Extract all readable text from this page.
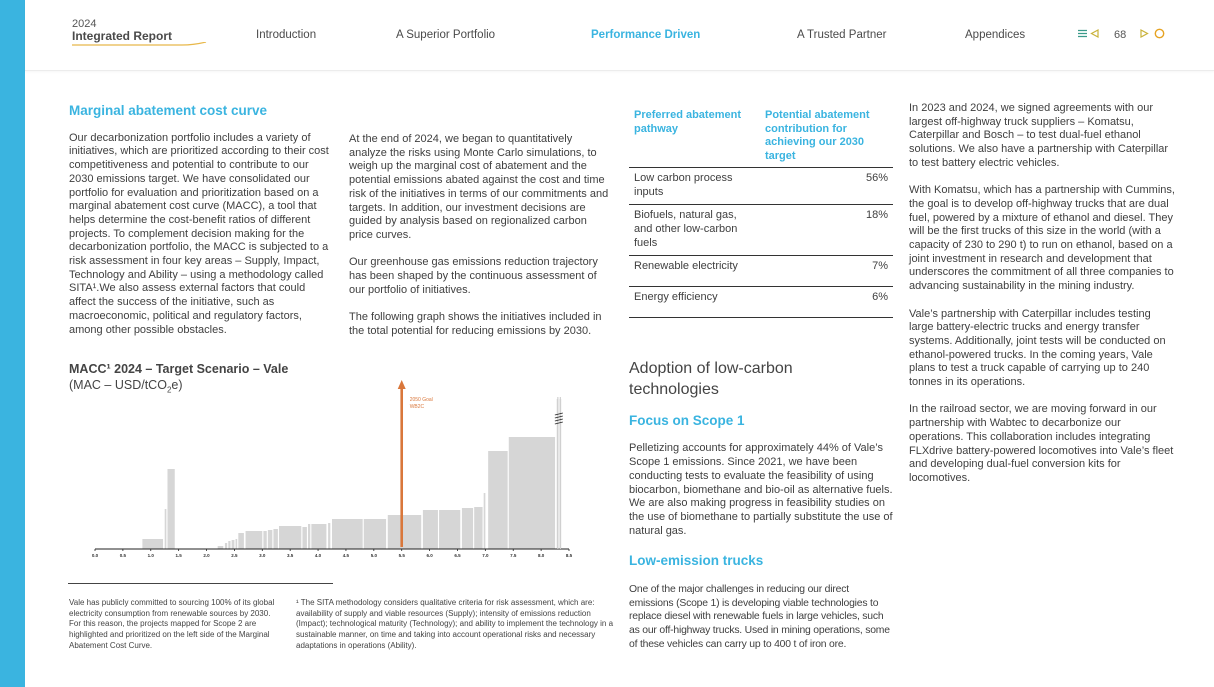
2024
Integrated Report	Introduction	A Superior Portfolio	Performance Driven	A Trusted Partner	Appendices	68
Marginal abatement cost curve

Our decarbonization portfolio includes a variety of initiatives, which are prioritized according to their cost competitiveness and potential to contribute to our 2030 emissions target. We have consolidated our portfolio for evaluation and prioritization based on a marginal abatement cost curve (MACC), a tool that helps determine the cost-benefit ratios of different projects. To complement decision making for the decarbonization portfolio, the MACC is subjected to a risk assessment in four key areas – Supply, Impact, Technology and Ability – using a methodology called SITA¹.We also assess external factors that could affect the success of the initiative, such as macroeconomic, political and regulatory factors, among other possible obstacles.

At the end of 2024, we began to quantitatively analyze the risks using Monte Carlo simulations, to weigh up the marginal cost of abatement and the potential emissions abated against the cost and time risk of the initiatives in terms of our commitments and targets. In addition, our investment decisions are guided by analysis based on regionalized carbon price curves.

Our greenhouse gas emissions reduction trajectory has been shaped by the continuous assessment of our portfolio of initiatives.

The following graph shows the initiatives included in the total potential for reducing emissions by 2030.

MACC¹ 2024 – Target Scenario – Vale
(MAC – USD/tCO$_2$e)
0.0	0.5	1.0	1.5	2.0	2.5	3.0	3.5	4.0	4.5	5.0	5.5	6.0	6.5	7.0	7.5	8.0	8.5
2050 Goal
WB2C
Vale has publicly committed to sourcing 100% of its global electricity consumption from renewable sources by 2030. For this reason, the projects mapped for Scope 2 are highlighted and prioritized on the left side of the Marginal Abatement Cost Curve.
¹ The SITA methodology considers qualitative criteria for risk assessment, which are: availability of supply and viable resources (Supply); intensity of emissions reduction (Impact); technological maturity (Technology); and ability to implement the technology in a sustainable manner, on time and taking into account operational risks and necessary adaptations in operations (Ability).
Preferred abatement pathway	Potential abatement contribution for achieving our 2030 target
Low carbon process inputs	56%
Biofuels, natural gas, and other low-carbon fuels	18%
Renewable electricity	7%
Energy efficiency	6%
Adoption of low-carbon technologies
Focus on Scope 1

Pelletizing accounts for approximately 44% of Vale’s Scope 1 emissions. Since 2021, we have been conducting tests to evaluate the feasibility of using biocarbon, biomethane and bio-oil as alternative fuels. We are also making progress in feasibility studies on the use of biomethane to partially substitute the use of natural gas.

Low-emission trucks

One of the major challenges in reducing our direct emissions (Scope 1) is developing viable technologies to replace diesel with renewable fuels in large vehicles, such as our off-highway trucks. Used in mining operations, some of these vehicles can carry up to 400 t of iron ore.

In 2023 and 2024, we signed agreements with our largest off-highway truck suppliers – Komatsu, Caterpillar and Bosch – to test dual-fuel ethanol solutions. We also have a partnership with Caterpillar to test battery electric vehicles.

With Komatsu, which has a partnership with Cummins, the goal is to develop off-highway trucks that are dual fuel, powered by a mixture of ethanol and diesel. They will be the first trucks of this size in the world (with a capacity of 230 to 290 t) to run on ethanol, based on a joint investment in research and development that underscores the commitment of all three companies to advancing sustainability in the mining industry.

Vale’s partnership with Caterpillar includes testing large battery-electric trucks and energy transfer systems. Additionally, joint tests will be conducted on ethanol-powered trucks. In the coming years, Vale plans to test a truck capable of carrying up to 240 tonnes in its operations.

In the railroad sector, we are moving forward in our partnership with Wabtec to decarbonize our operations. This collaboration includes integrating FLXdrive battery-powered locomotives into Vale’s fleet and developing dual-fuel conversion kits for locomotives.
